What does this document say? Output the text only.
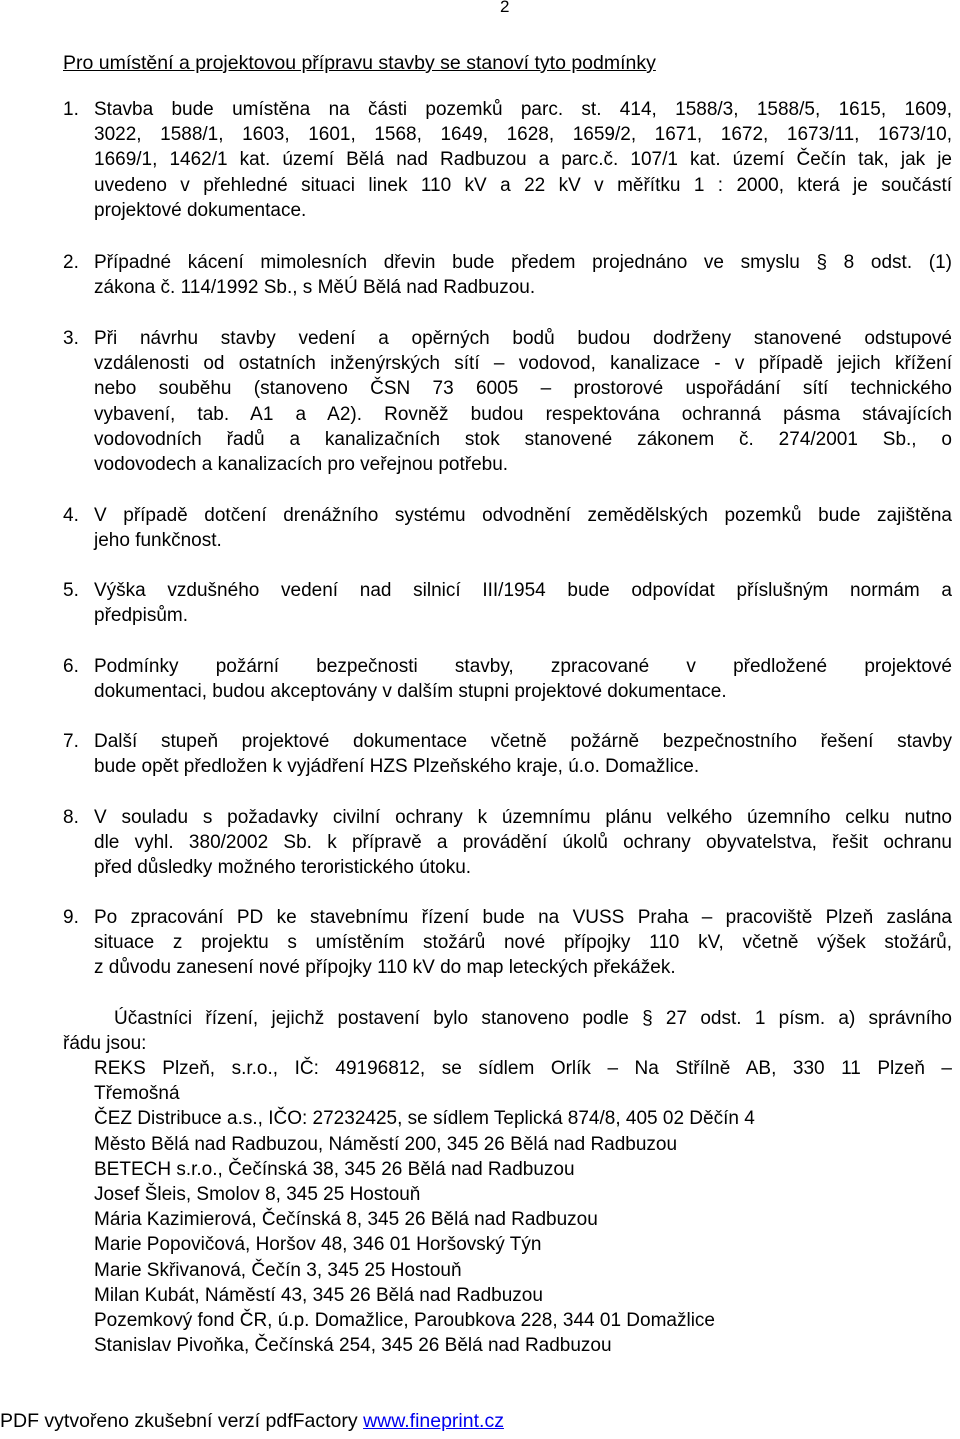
2
Pro umístění a projektovou přípravu stavby se stanoví tyto podmínky
1. Stavba bude umístěna na části pozemků parc. st. 414, 1588/3, 1588/5, 1615, 1609,
3022, 1588/1, 1603, 1601, 1568, 1649, 1628, 1659/2, 1671, 1672, 1673/11, 1673/10,
1669/1, 1462/1 kat. území Bělá nad Radbuzou a parc.č. 107/1 kat. území Čečín tak, jak je
uvedeno v přehledné situaci linek 110 kV a 22 kV v měřítku 1 : 2000, která je součástí
projektové dokumentace.
2. Případné kácení mimolesních dřevin bude předem projednáno ve smyslu § 8 odst. (1)
zákona č. 114/1992 Sb., s MěÚ Bělá nad Radbuzou.
3. Při návrhu stavby vedení a opěrných bodů budou dodrženy stanovené odstupové
vzdálenosti od ostatních inženýrských sítí – vodovod, kanalizace - v případě jejich křížení
nebo souběhu (stanoveno ČSN 73 6005 – prostorové uspořádání sítí technického
vybavení, tab. A1 a A2). Rovněž budou respektována ochranná pásma stávajících
vodovodních řadů a kanalizačních stok stanovené zákonem č. 274/2001 Sb., o
vodovodech a kanalizacích pro veřejnou potřebu.
4. V případě dotčení drenážního systému odvodnění zemědělských pozemků bude zajištěna
jeho funkčnost.
5. Výška vzdušného vedení nad silnicí III/1954 bude odpovídat příslušným normám a
předpisům.
6. Podmínky požární bezpečnosti stavby, zpracované v předložené projektové
dokumentaci, budou akceptovány v dalším stupni projektové dokumentace.
7. Další stupeň projektové dokumentace včetně požárně bezpečnostního řešení stavby
bude opět předložen k vyjádření HZS Plzeňského kraje, ú.o. Domažlice.
8. V souladu s požadavky civilní ochrany k územnímu plánu velkého územního celku nutno
dle vyhl. 380/2002 Sb. k přípravě a provádění úkolů ochrany obyvatelstva, řešit ochranu
před důsledky možného teroristického útoku.
9. Po zpracování PD ke stavebnímu řízení bude na VUSS Praha – pracoviště Plzeň zaslána
situace z projektu s umístěním stožárů nové přípojky 110 kV, včetně výšek stožárů,
z důvodu zanesení nové přípojky 110 kV do map leteckých překážek.
Účastníci řízení, jejichž postavení bylo stanoveno podle § 27 odst. 1 písm. a) správního
řádu jsou:
REKS Plzeň, s.r.o., IČ: 49196812, se sídlem Orlík – Na Střílně AB, 330 11 Plzeň –
Třemošná
ČEZ Distribuce a.s., IČO: 27232425, se sídlem Teplická 874/8, 405 02 Děčín 4
Město Bělá nad Radbuzou, Náměstí 200, 345 26 Bělá nad Radbuzou
BETECH s.r.o., Čečínská 38, 345 26 Bělá nad Radbuzou
Josef Šleis, Smolov 8, 345 25 Hostouň
Mária Kazimierová, Čečínská 8, 345 26 Bělá nad Radbuzou
Marie Popovičová, Horšov 48, 346 01 Horšovský Týn
Marie Skřivanová, Čečín 3, 345 25 Hostouň
Milan Kubát, Náměstí 43, 345 26 Bělá nad Radbuzou
Pozemkový fond ČR, ú.p. Domažlice, Paroubkova 228, 344 01 Domažlice
Stanislav Pivoňka, Čečínská 254, 345 26 Bělá nad Radbuzou
PDF vytvořeno zkušební verzí pdfFactory www.fineprint.cz
